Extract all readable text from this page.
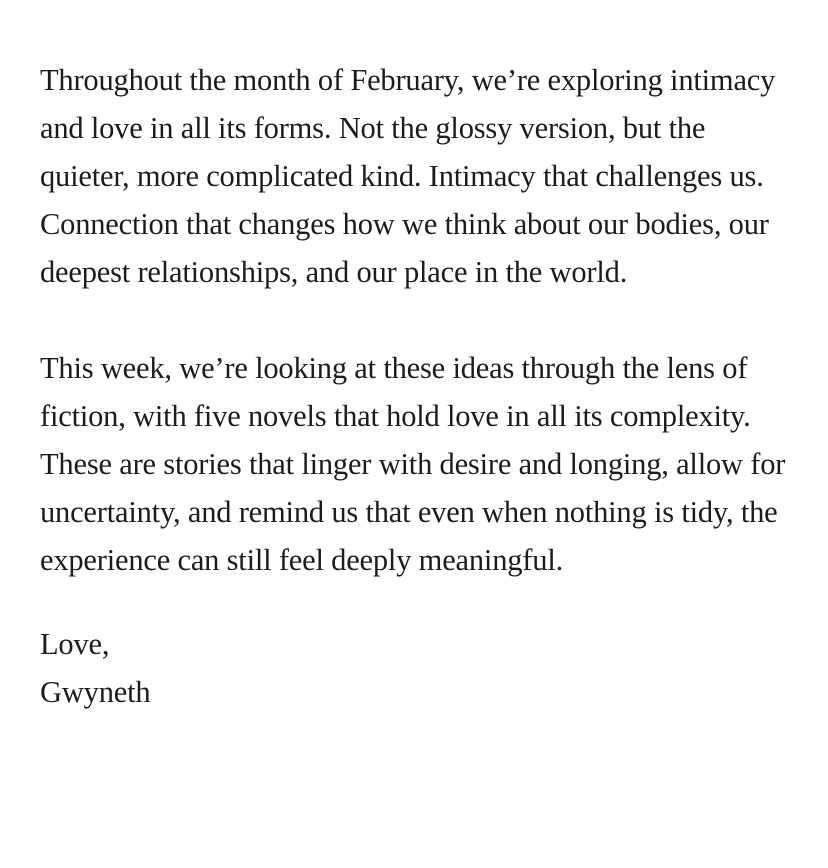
Throughout the month of February, we’re exploring intimacy and love in all its forms. Not the glossy version, but the quieter, more complicated kind. Intimacy that challenges us. Connection that changes how we think about our bodies, our deepest relationships, and our place in the world.

This week, we’re looking at these ideas through the lens of fiction, with five novels that hold love in all its complexity. These are stories that linger with desire and longing, allow for uncertainty, and remind us that even when nothing is tidy, the experience can still feel deeply meaningful.

Love,
Gwyneth
